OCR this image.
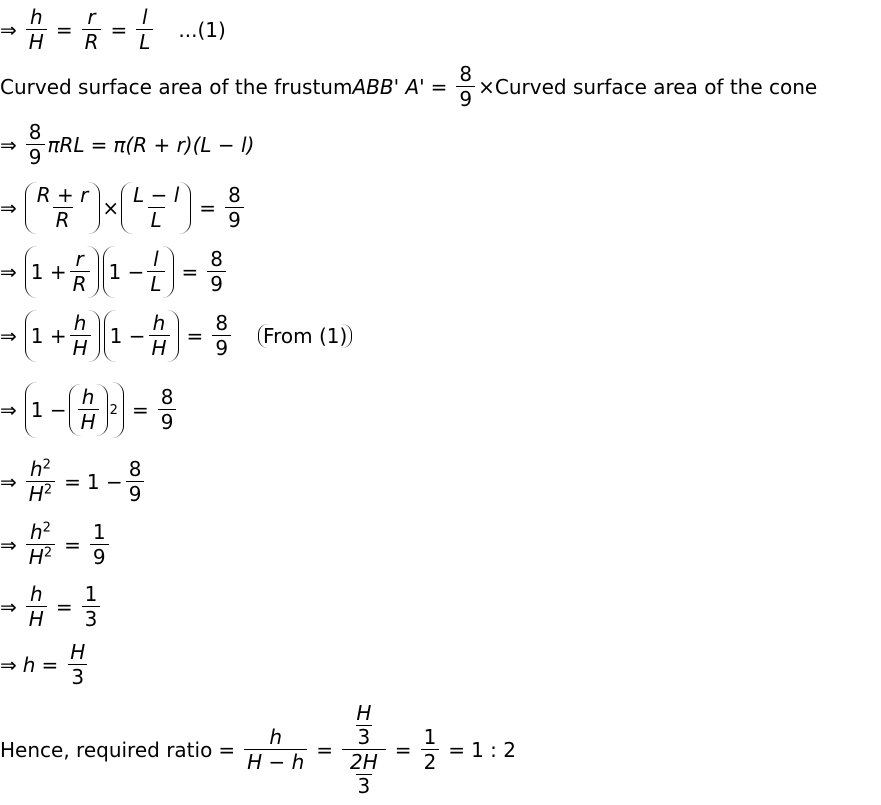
⇒ $\frac{h}{H} = \frac{r}{R} = \frac{l}{L} ...(1)$
Curved surface area of the frustum ABB' $A' = \frac{8}{9}$ × Curved surface area of the cone
⇒ $\frac{8}{9}$ πRL = π(R + r)(L − l)
⇒ $\frac{R + r}{R} \times \frac{L - l}{L} = \frac{8}{9}$
⇒ $1 + \frac{r}{R} 1 - \frac{l}{L} = \frac{8}{9}$
⇒ $1 + \frac{h}{H} 1 - \frac{h}{H} = \frac{8}{9}$ From
(1)
⇒ $1 - \frac{h}{H} 2 = \frac{8}{9}$
⇒ $\frac{h^2}{H^2} = 1 - \frac{8}{9}$
⇒ $\frac{h^2}{H^2} = \frac{1}{9}$
⇒ $\frac{h}{H} = \frac{1}{3}$
⇒ $h = \frac{H}{3}$
Hence, required ratio = $\frac{h}{H - h} = \frac{\frac{H}{3}}{\frac{2H}{3}} = \frac{1}{2} = 1$ : 2
